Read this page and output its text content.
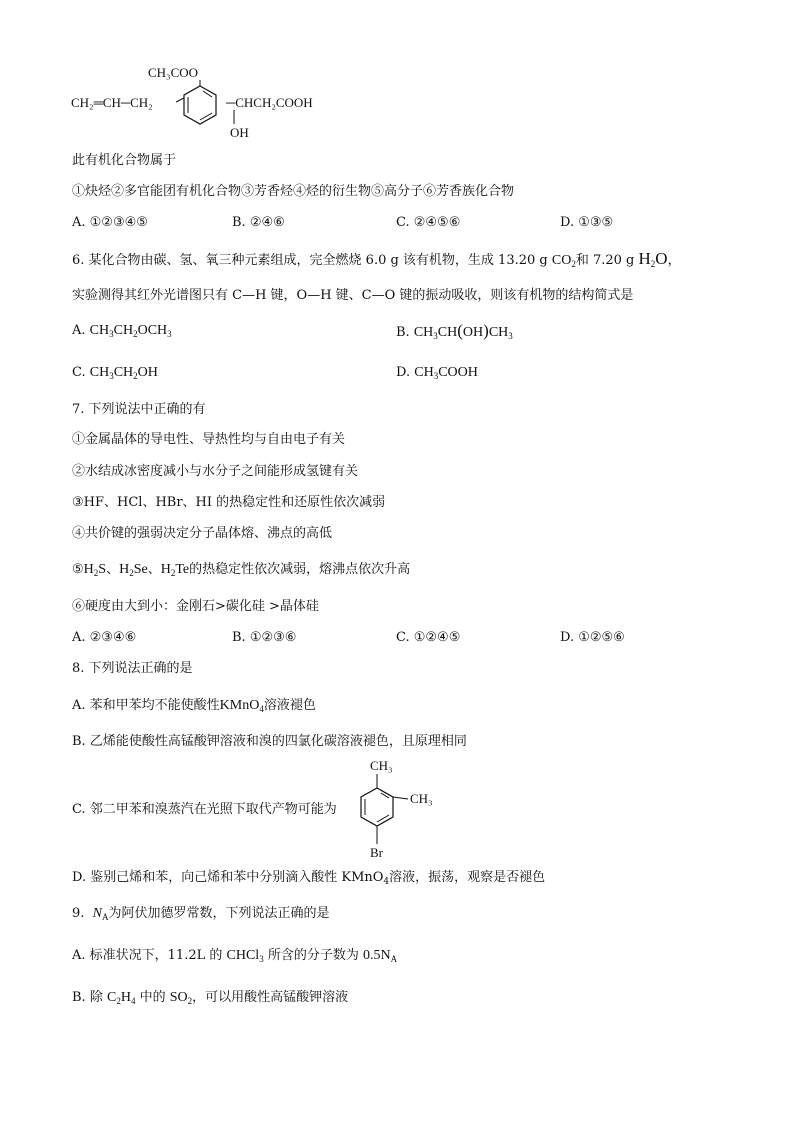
CH₃COO
CH₂═CH─CH₂	─CHCH₂COOH
OH
此有机化合物属于
①炔烃②多官能团有机化合物③芳香烃④烃的衍生物⑤高分子⑥芳香族化合物
A. ①②③④⑤	B. ②④⑥	C. ②④⑤⑥	D. ①③⑤
6. 某化合物由碳、氢、氧三种元素组成，完全燃烧 6.0 g 该有机物，生成 13.20 g $CO_2$和 7.20 g $H_2O$，
实验测得其红外光谱图只有 C—H 键，O—H 键、C—O 键的振动吸收，则该有机物的结构简式是
A. $CH_3CH_2OCH_3$	B. $CH_3CH(OH)CH_3$
C. $CH_3CH_2OH$	D. $CH_3COOH$
7. 下列说法中正确的有
①金属晶体的导电性、导热性均与自由电子有关
②水结成冰密度减小与水分子之间能形成氢键有关
③HF、HCl、HBr、HI 的热稳定性和还原性依次减弱
④共价键的强弱决定分子晶体熔、沸点的高低
$⑤H_2S$、$H_2Se$、$H_2Te$的热稳定性依次减弱，熔沸点依次升高
⑥硬度由大到小：金刚石>碳化硅 >晶体硅
A. ②③④⑥	B. ①②③⑥	C. ①②④⑤	D. ①②⑤⑥
8. 下列说法正确的是
A. 苯和甲苯均不能使酸性KMnO$_4$溶液褪色
B. 乙烯能使酸性高锰酸钾溶液和溴的四氯化碳溶液褪色，且原理相同
C. 邻二甲苯和溴蒸汽在光照下取代产物可能为
CH₃
CH₃
Br
D. 鉴别己烯和苯，向己烯和苯中分别滴入酸性 KMnO$_4$溶液，振荡，观察是否褪色
9. $N_A$为阿伏加德罗常数，下列说法正确的是
A. 标准状况下，11.2L 的 CHCl$_3$ 所含的分子数为 $0.5N_A$
B. 除 $C_2H_4$ 中的 $SO_2$，可以用酸性高锰酸钾溶液
